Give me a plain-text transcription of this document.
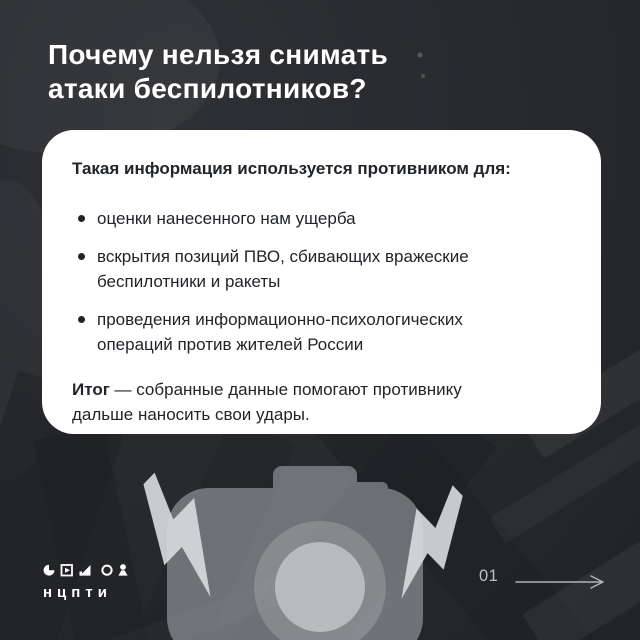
Почему нельзя снимать
атаки беспилотников?

Такая информация используется противником для:

оценки нанесенного нам ущерба
вскрытия позиций ПВО, сбивающих вражеские беспилотники и ракеты
проведения информационно-психологических операций против жителей России

Итог — собранные данные помогают противнику дальше наносить свои удары.

нцпти
01
